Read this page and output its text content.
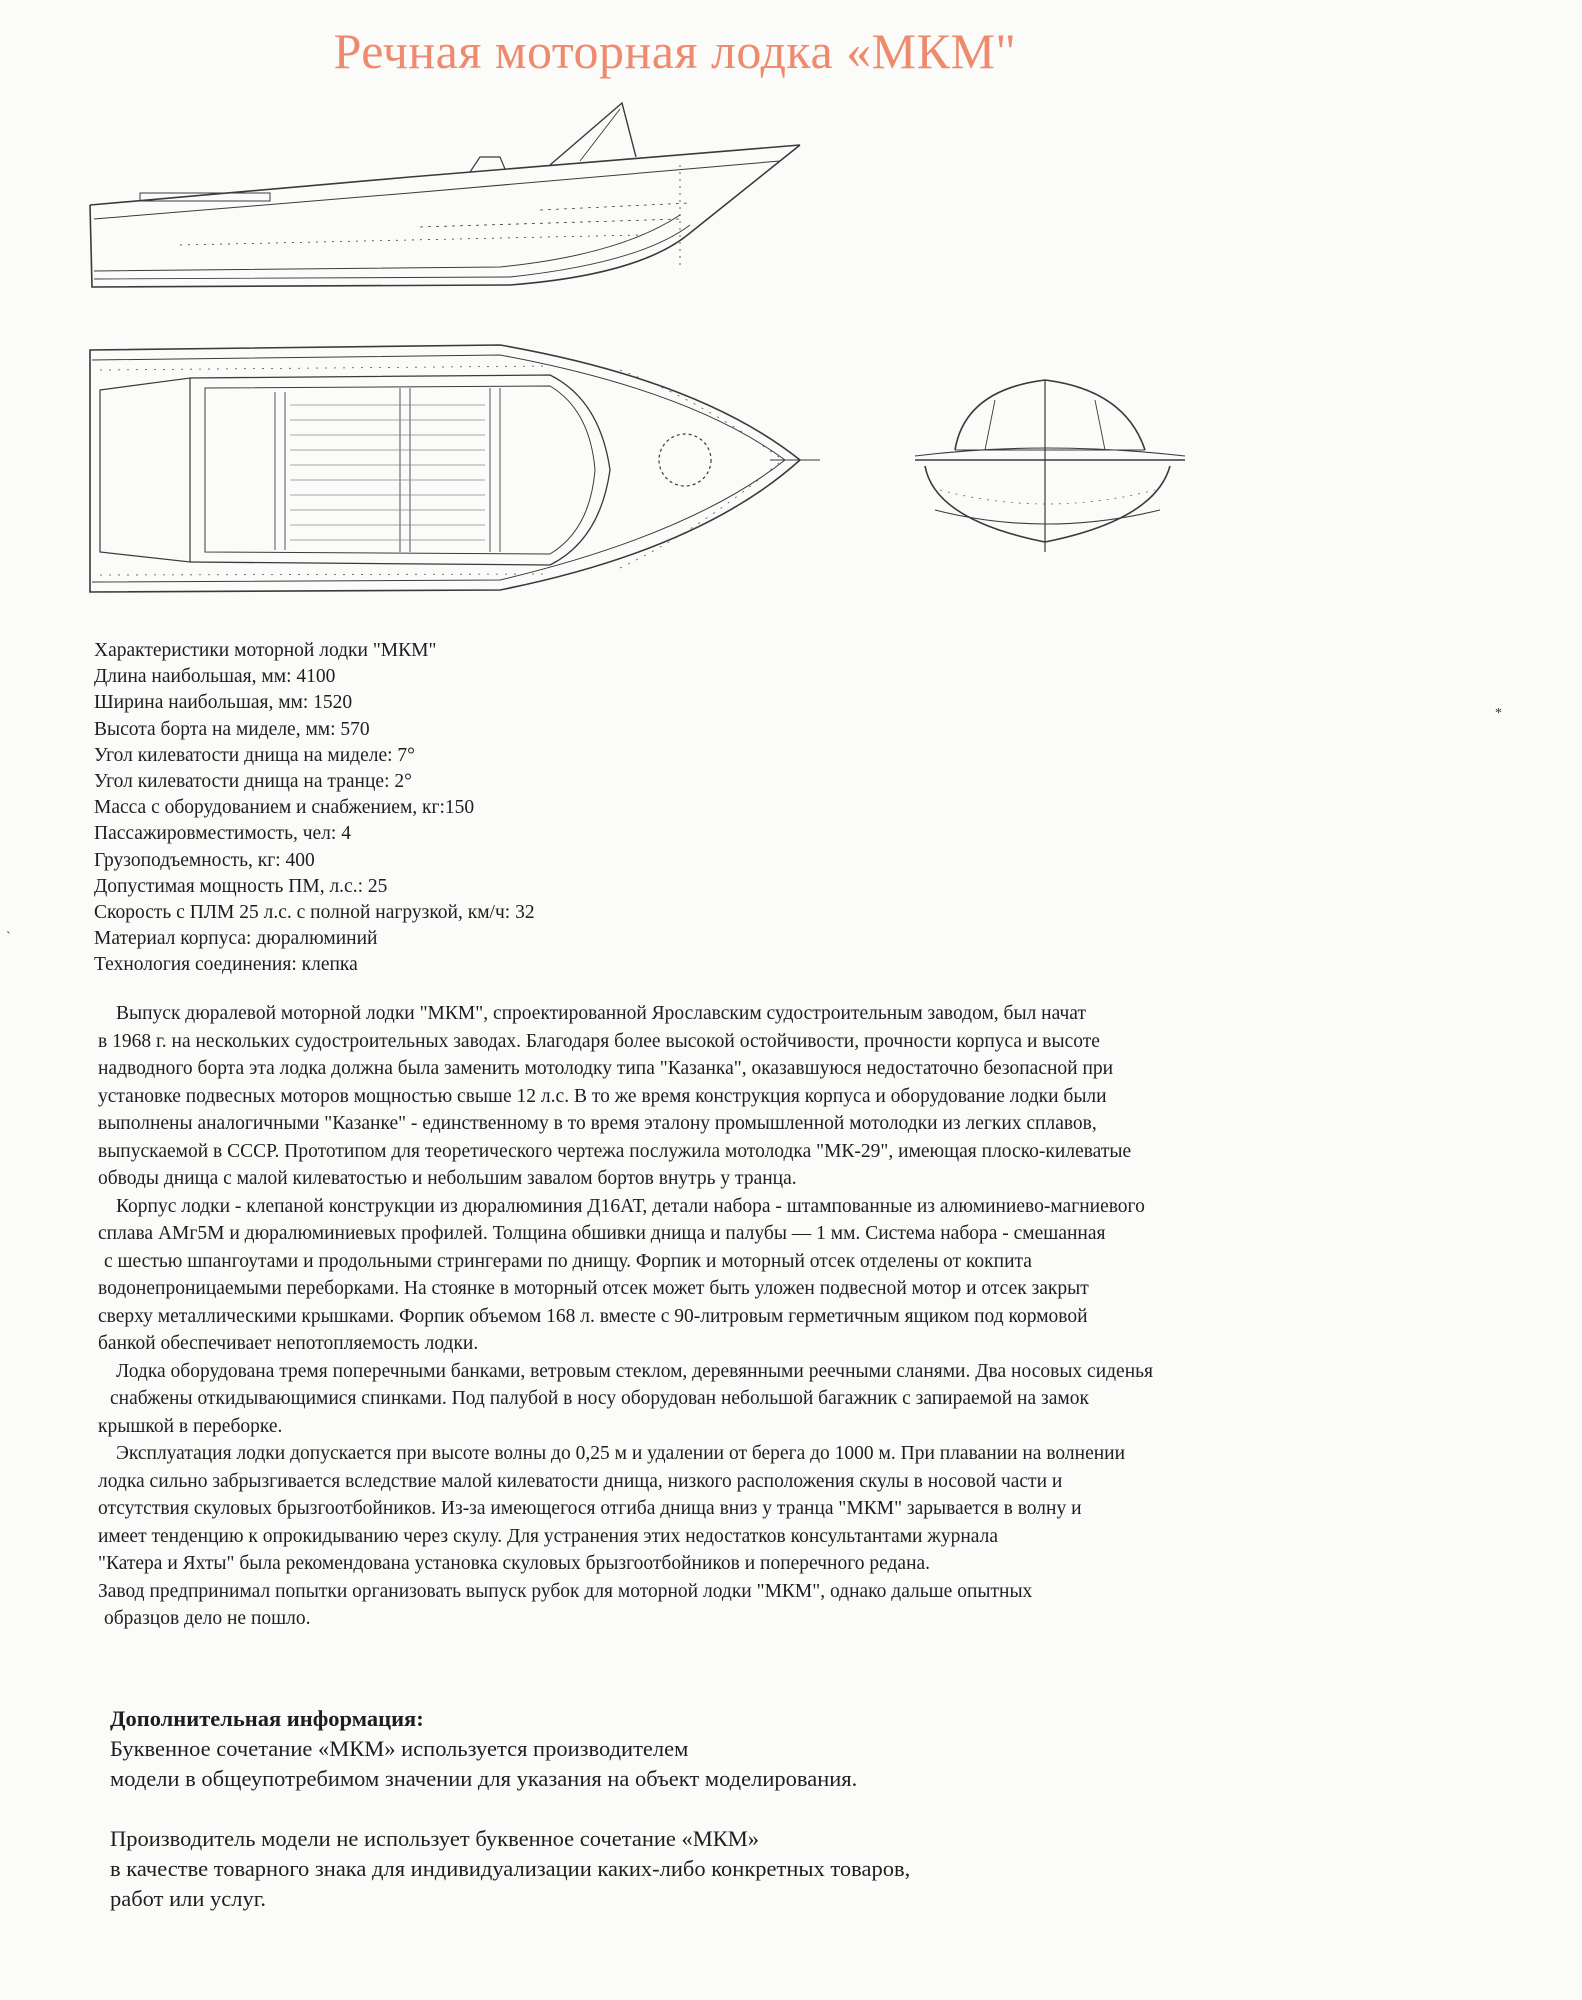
Речная моторная лодка «МКМ"
Характеристики моторной лодки "МКМ"
Длина наибольшая, мм: 4100
Ширина наибольшая, мм: 1520
Высота борта на миделе, мм: 570
Угол килеватости днища на миделе: 7°
Угол килеватости днища на транце: 2°
Масса с оборудованием и снабжением, кг:150
Пассажировместимость, чел: 4
Грузоподъемность, кг: 400
Допустимая мощность ПМ, л.с.: 25
Скорость с ПЛМ 25 л.с. с полной нагрузкой, км/ч: 32
Материал корпуса: дюралюминий
Технология соединения: клепка

Выпуск дюралевой моторной лодки "МКМ", спроектированной Ярославским судостроительным заводом, был начат

в 1968 г. на нескольких судостроительных заводах. Благодаря более высокой остойчивости, прочности корпуса и высоте

надводного борта эта лодка должна была заменить мотолодку типа "Казанка", оказавшуюся недостаточно безопасной при

установке подвесных моторов мощностью свыше 12 л.с. В то же время конструкция корпуса и оборудование лодки были

выполнены аналогичными "Казанке" - единственному в то время эталону промышленной мотолодки из легких сплавов,

выпускаемой в СССР. Прототипом для теоретического чертежа послужила мотолодка "МК-29", имеющая плоско-килеватые

обводы днища с малой килеватостью и небольшим завалом бортов внутрь у транца.

Корпус лодки - клепаной конструкции из дюралюминия Д16АТ, детали набора - штампованные из алюминиево-магниевого

сплава АМг5М и дюралюминиевых профилей. Толщина обшивки днища и палубы — 1 мм. Система набора - смешанная

с шестью шпангоутами и продольными стрингерами по днищу. Форпик и моторный отсек отделены от кокпита

водонепроницаемыми переборками. На стоянке в моторный отсек может быть уложен подвесной мотор и отсек закрыт

сверху металлическими крышками. Форпик объемом 168 л. вместе с 90-литровым герметичным ящиком под кормовой

банкой обеспечивает непотопляемость лодки.

Лодка оборудована тремя поперечными банками, ветровым стеклом, деревянными реечными сланями. Два носовых сиденья

снабжены откидывающимися спинками. Под палубой в носу оборудован небольшой багажник с запираемой на замок

крышкой в переборке.

Эксплуатация лодки допускается при высоте волны до 0,25 м и удалении от берега до 1000 м. При плавании на волнении

лодка сильно забрызгивается вследствие малой килеватости днища, низкого расположения скулы в носовой части и

отсутствия скуловых брызгоотбойников. Из-за имеющегося отгиба днища вниз у транца "МКМ" зарывается в волну и

имеет тенденцию к опрокидыванию через скулу. Для устранения этих недостатков консультантами журнала

"Катера и Яхты" была рекомендована установка скуловых брызгоотбойников и поперечного редана.

Завод предпринимал попытки организовать выпуск рубок для моторной лодки "МКМ", однако дальше опытных

образцов дело не пошло.

Дополнительная информация:

Буквенное сочетание «МКМ» используется производителем

модели в общеупотребимом значении для указания на объект моделирования.

Производитель модели не использует буквенное сочетание «МКМ»

в качестве товарного знака для индивидуализации каких-либо конкретных товаров,

работ или услуг.

*
`
